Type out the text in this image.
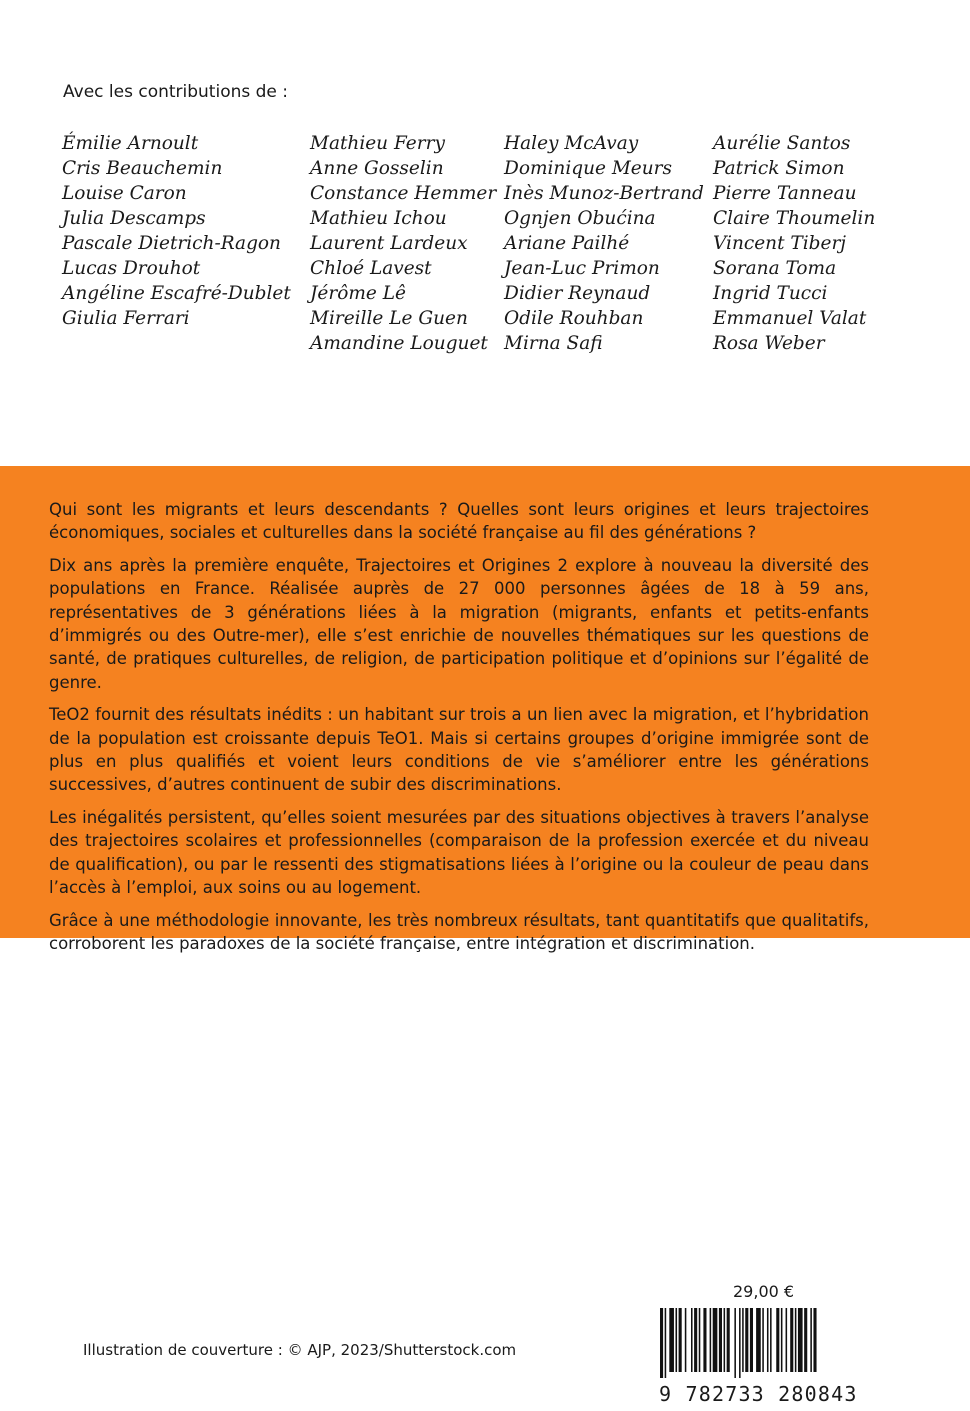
Avec les contributions de :

Émilie Arnoult
Cris Beauchemin
Louise Caron
Julia Descamps
Pascale Dietrich-Ragon
Lucas Drouhot
Angéline Escafré-Dublet
Giulia Ferrari
Mathieu Ferry
Anne Gosselin
Constance Hemmer
Mathieu Ichou
Laurent Lardeux
Chloé Lavest
Jérôme Lê
Mireille Le Guen
Amandine Louguet
Haley McAvay
Dominique Meurs
Inès Munoz-Bertrand
Ognjen Obućina
Ariane Pailhé
Jean-Luc Primon
Didier Reynaud
Odile Rouhban
Mirna Safi
Aurélie Santos
Patrick Simon
Pierre Tanneau
Claire Thoumelin
Vincent Tiberj
Sorana Toma
Ingrid Tucci
Emmanuel Valat
Rosa Weber

Qui sont les migrants et leurs descendants ? Quelles sont leurs origines et leurs trajectoires économiques, sociales et culturelles dans la société française au fil des générations ?

Dix ans après la première enquête, Trajectoires et Origines 2 explore à nouveau la diversité des populations en France. Réalisée auprès de 27 000 personnes âgées de 18 à 59 ans, représentatives de 3 générations liées à la migration (migrants, enfants et petits-enfants d’immigrés ou des Outre-mer), elle s’est enrichie de nouvelles thématiques sur les questions de santé, de pratiques culturelles, de religion, de participation politique et d’opinions sur l’égalité de genre.

TeO2 fournit des résultats inédits : un habitant sur trois a un lien avec la migration, et l’hybridation de la population est croissante depuis TeO1. Mais si certains groupes d’origine immigrée sont de plus en plus qualifiés et voient leurs conditions de vie s’améliorer entre les générations successives, d’autres continuent de subir des discriminations.

Les inégalités persistent, qu’elles soient mesurées par des situations objectives à travers l’analyse des trajectoires scolaires et professionnelles (comparaison de la profession exercée et du niveau de qualification), ou par le ressenti des stigmatisations liées à l’origine ou la couleur de peau dans l’accès à l’emploi, aux soins ou au logement.

Grâce à une méthodologie innovante, les très nombreux résultats, tant quantitatifs que qualitatifs, corroborent les paradoxes de la société française, entre intégration et discrimination.

Illustration de couverture : © AJP, 2023/Shutterstock.com

29,00 €
9 782733 280843
